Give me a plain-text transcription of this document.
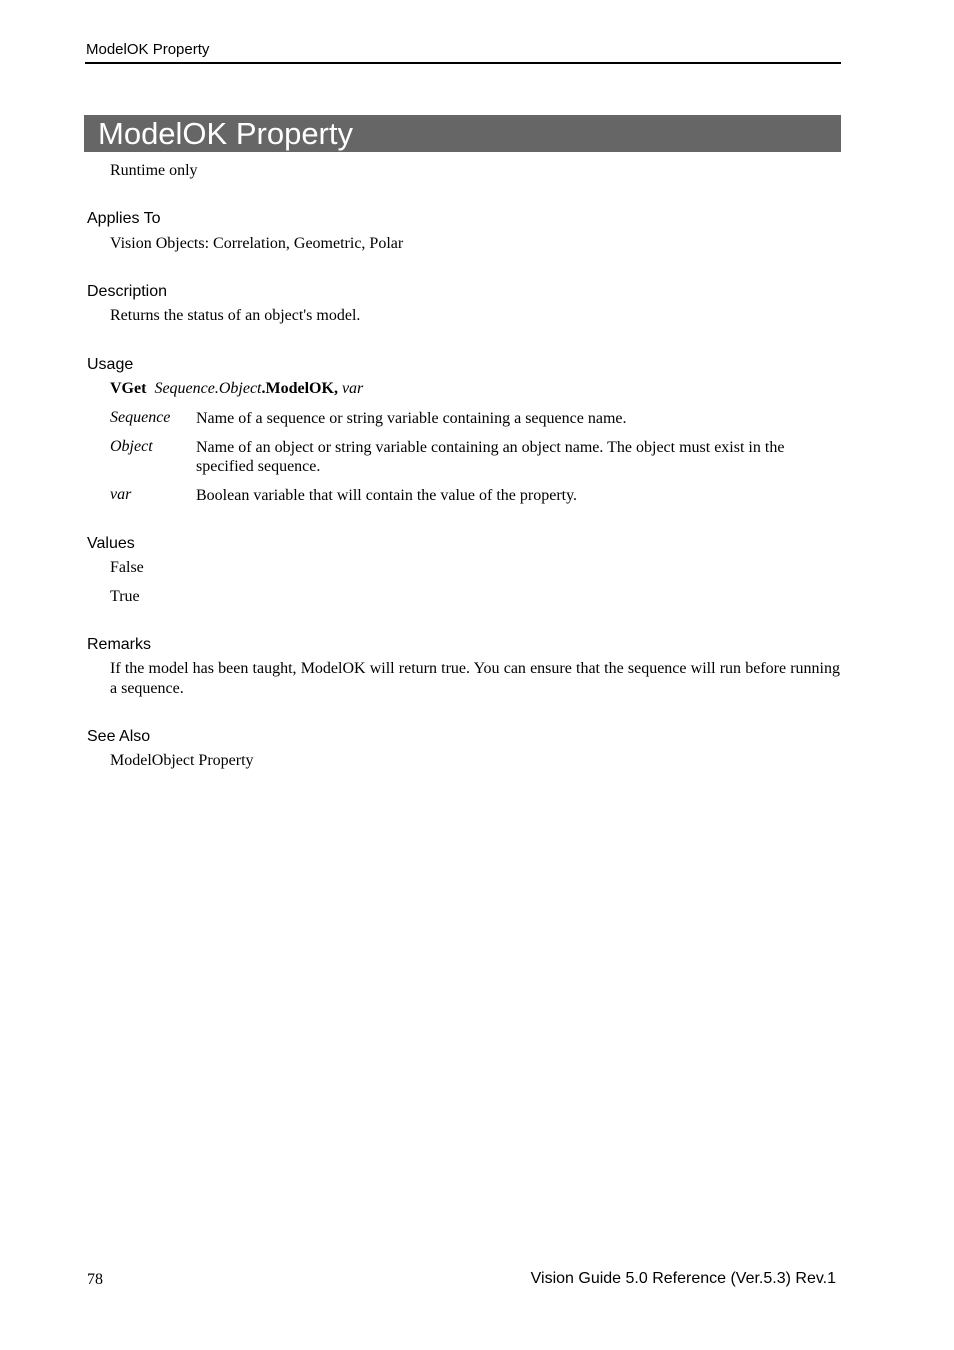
ModelOK Property
ModelOK Property

Runtime only

Applies To

Vision Objects: Correlation, Geometric, Polar

Description

Returns the status of an object's model.

Usage

VGet Sequence.Object.ModelOK, var

Sequence Name of a sequence or string variable containing a sequence name.
Object	Name of an object or string variable containing an object name. The object must exist in the specified sequence.
var	Boolean variable that will contain the value of the property.
Values

False

True

Remarks

If the model has been taught, ModelOK will return true. You can ensure that the sequence will run before running a sequence.

See Also

ModelObject Property

78	Vision Guide 5.0 Reference (Ver.5.3) Rev.1
